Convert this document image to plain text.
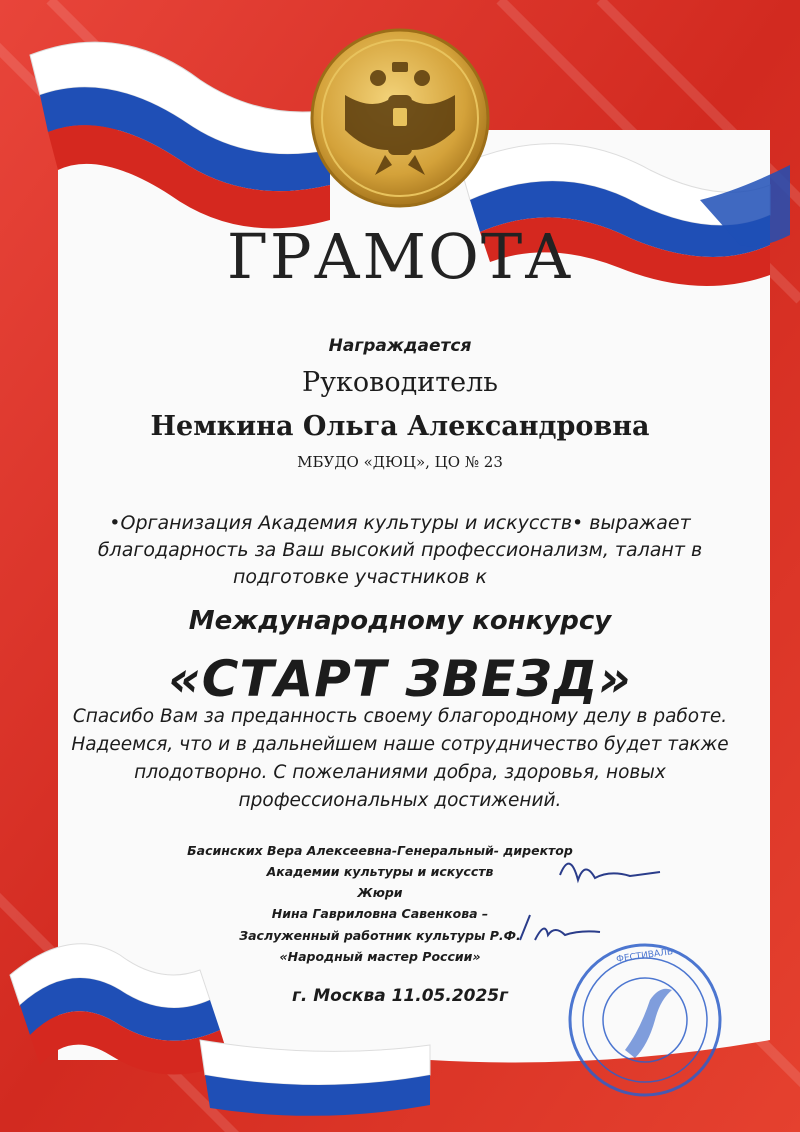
ФЕСТИВАЛЬ
ГРАМОТА
Награждается
Руководитель
Немкина Ольга Александровна
МБУДО «ДЮЦ», ЦО № 23
•Организация Академия культуры и искусств• выражает
благодарность за Ваш высокий профессионализм, талант в
подготовке участников к
Международному конкурсу
«СТАРТ ЗВЕЗД»
Спасибо Вам за преданность своему благородному делу в работе.
Надеемся, что и в дальнейшем наше сотрудничество будет также
плодотворно. С пожеланиями добра, здоровья, новых
профессиональных достижений.
Басинских Вера Алексеевна-Генеральный- директор
Академии культуры и искусств
Жюри
Нина Гавриловна Савенкова –
Заслуженный работник культуры Р.Ф.
«Народный мастер России»
г. Москва 11.05.2025г
